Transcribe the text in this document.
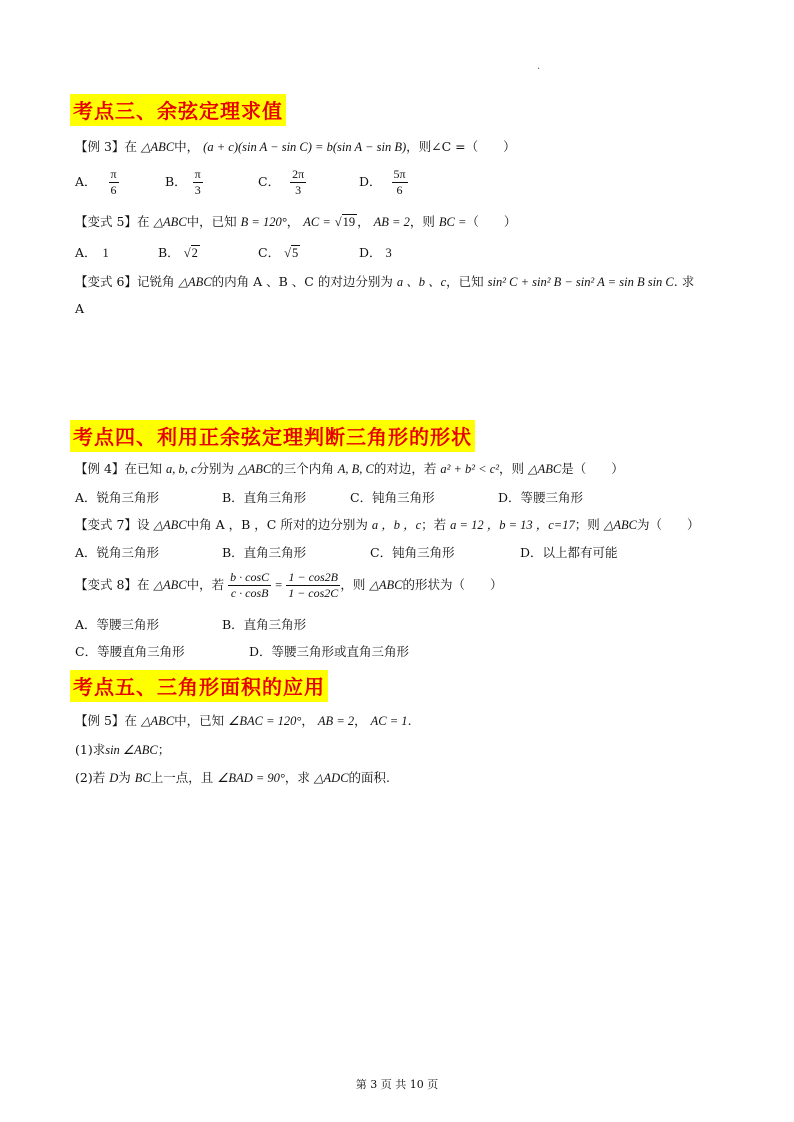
·
考点三、余弦定理求值
【例 3】在 △ABC中， (a + c)(sin A − sin C) = b(sin A − sin B)，则∠C =（　　）
A． $\frac{\pi}{6}$	B． $\frac{\pi}{3}$	C． $\frac{2\pi}{3}$	D． $\frac{5\pi}{6}$
【变式 5】在 △ABC中，已知 B = 120°， AC = √19 ， AB = 2，则 BC =（　　）
A． 1	B． √2	C． √5	D． 3
【变式 6】记锐角 △ABC的内角 A 、B 、C 的对边分别为 a 、b 、c，已知 sin² C + sin² B − sin² A = sin B sin C. 求
A
考点四、利用正余弦定理判断三角形的形状
【例 4】在已知 a, b, c分别为 △ABC的三个内角 A, B, C的对边，若 a² + b² < c²，则 △ABC是（　　）
A．锐角三角形	B．直角三角形	C．钝角三角形	D．等腰三角形
【变式 7】设 △ABC中角 A ，B ，C 所对的边分别为 a ，b ，c；若 a = 12 ，b = 13 ，c=17；则 △ABC为（　　）
A．锐角三角形	B．直角三角形	C．钝角三角形	D．以上都有可能
【变式 8】在 △ABC中，若 $\frac{b \cdot \cos C}{c \cdot \cos B} = \frac{1 - \cos 2B}{1 - \cos 2C}$ ，则 △ABC的形状为（　　）
A．等腰三角形	B．直角三角形
C．等腰直角三角形	D．等腰三角形或直角三角形
考点五、三角形面积的应用
【例 5】在 △ABC中，已知 ∠BAC = 120°， AB = 2， AC = 1.
(1)求sin ∠ABC；
(2)若 D为 BC上一点，且 ∠BAD = 90°，求 △ADC的面积.
第 3 页 共 10 页
